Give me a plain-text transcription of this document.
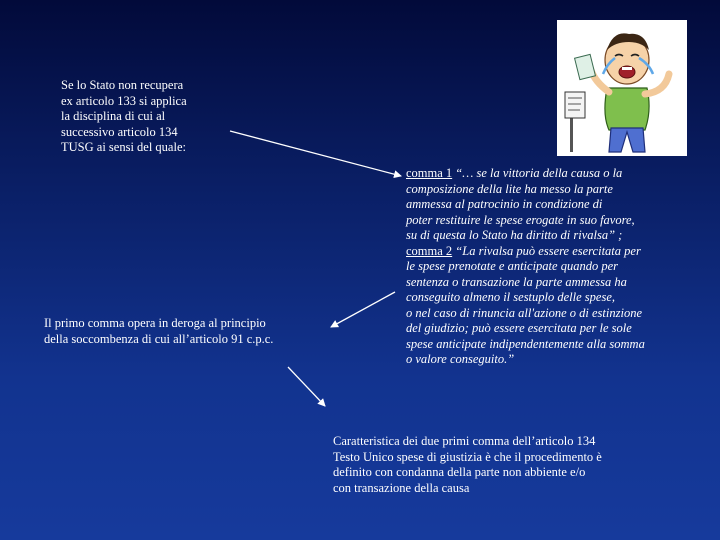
Se lo Stato non recupera
ex articolo 133 si applica
la disciplina di cui al
successivo articolo 134
TUSG ai sensi del quale:
comma 1 “… se la vittoria della causa o la
composizione della lite ha messo la parte
ammessa al patrocinio in condizione di
poter restituire le spese erogate in suo favore,
su di questa lo Stato ha diritto di rivalsa” ;
comma 2 “La rivalsa può essere esercitata per
le spese prenotate e anticipate quando per
sentenza o transazione la parte ammessa ha
conseguito almeno il sestuplo delle spese,
o nel caso di rinuncia all'azione o di estinzione
del giudizio; può essere esercitata per le sole
spese anticipate indipendentemente alla somma
o valore conseguito.”
Il primo comma opera in deroga al principio
della soccombenza di cui all’articolo 91 c.p.c.
Caratteristica dei due primi comma dell’articolo 134
Testo Unico spese di giustizia è che il procedimento è
definito con condanna della parte non abbiente e/o
con transazione della causa
